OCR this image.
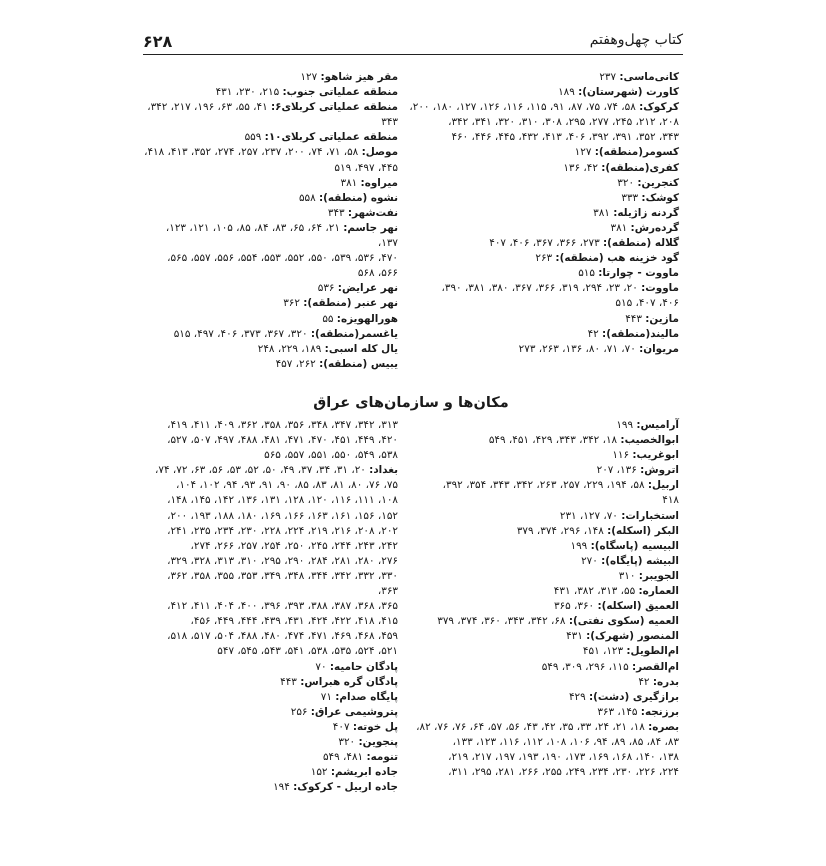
۶۲۸	کتاب چهل‌وهفتم
کانی‌ماسی: ۲۳۷
کاورت (شهرستان): ۱۸۹
کرکوک: ۵۸، ۷۴، ۷۵، ۸۷، ۹۱، ۱۱۵، ۱۱۶، ۱۲۶، ۱۲۷، ۱۸۰، ۲۰۰،
۲۰۸، ۲۱۲، ۲۴۵، ۲۷۷، ۲۹۵، ۳۰۸، ۳۱۰، ۳۲۰، ۳۴۱، ۳۴۲،
۳۴۳، ۳۵۲، ۳۹۱، ۳۹۲، ۴۰۶، ۴۱۳، ۴۳۲، ۴۴۵، ۴۴۶، ۴۶۰
کسومر(منطقه): ۱۲۷
کفری(منطقه): ۴۲، ۱۳۶
کنجرین: ۳۲۰
کوشک: ۳۳۳
گردنه زاژیله: ۳۸۱
گرده‌رش: ۳۸۱
گلاله (منطقه): ۲۷۳، ۳۶۶، ۳۶۷، ۴۰۶، ۴۰۷
گود خزینه هب (منطقه): ۲۶۳
ماووت - چوارتا: ۵۱۵
ماووت: ۲۰، ۲۳، ۲۹۴، ۳۱۹، ۳۶۶، ۳۶۷، ۳۸۰، ۳۸۱، ۳۹۰،
۴۰۶، ۴۰۷، ۵۱۵
مازین: ۴۴۳
مالیند(منطقه): ۴۲
مریوان: ۷۰، ۷۱، ۸۰، ۱۳۶، ۲۶۳، ۲۷۳
مقر هیز شاهو: ۱۲۷
منطقه عملیاتی جنوب: ۲۱۵، ۲۳۰، ۴۳۱
منطقه عملیاتی کربلای۶: ۴۱، ۵۵، ۶۳، ۱۹۶، ۲۱۷، ۳۴۲، ۳۴۳
منطقه عملیاتی کربلای۱۰: ۵۵۹
موصل: ۵۸، ۷۱، ۷۴، ۲۰۰، ۲۳۷، ۲۵۷، ۲۷۴، ۳۵۲، ۴۱۳، ۴۱۸،
۴۴۵، ۴۹۷، ۵۱۹
میراوه: ۳۸۱
نشوه (منطقه): ۵۵۸
نفت‌شهر: ۳۴۳
نهر جاسم: ۲۱، ۶۴، ۶۵، ۸۳، ۸۴، ۸۵، ۱۰۵، ۱۲۱، ۱۲۳، ۱۳۷،
۴۷۰، ۵۳۶، ۵۳۹، ۵۵۰، ۵۵۲، ۵۵۳، ۵۵۴، ۵۵۶، ۵۵۷، ۵۶۵،
۵۶۶، ۵۶۸
نهر عرایض: ۵۳۶
نهر عنبر (منطقه): ۳۶۲
هورالهویزه: ۵۵
یاغسمر(منطقه): ۳۲۰، ۳۶۷، ۳۷۳، ۴۰۶، ۴۹۷، ۵۱۵
یال کله اسبی: ۱۸۹، ۲۲۹، ۲۴۸
یبیس (منطقه): ۲۶۲، ۴۵۷
مکان‌ها و سازمان‌های عراق
آرامیس: ۱۹۹
ابوالخصیب: ۱۸، ۳۴۲، ۳۴۳، ۴۲۹، ۴۵۱، ۵۴۹
ابوغریب: ۱۱۶
اتروش: ۱۳۶، ۲۰۷
اربیل: ۵۸، ۱۹۴، ۲۲۹، ۲۵۷، ۲۶۳، ۳۴۲، ۳۴۳، ۳۵۴، ۳۹۲،
۴۱۸
استخبارات: ۷۰، ۱۲۷، ۲۳۱
البکر (اسکله): ۱۴۸، ۲۹۶، ۳۷۴، ۳۷۹
البیسیه (پاسگاه): ۱۹۹
البیشه (پایگاه): ۲۷۰
الجویبر: ۳۱۰
العماره: ۵۵، ۳۱۳، ۳۸۲، ۴۳۱
العمیق (اسکله): ۳۶۰، ۳۶۵
العمیه (سکوی نفتی): ۶۸، ۳۴۲، ۳۴۳، ۳۶۰، ۳۷۴، ۳۷۹
المنصور (شهرک): ۴۳۱
ام‌الطویل: ۱۲۳، ۴۵۱
ام‌القصر: ۱۱۵، ۲۹۶، ۳۰۹، ۵۴۹
بدره: ۴۲
برازگیری (دشت): ۴۲۹
برزنجه: ۱۴۵، ۳۶۳
بصره: ۱۸، ۲۱، ۲۴، ۳۳، ۳۵، ۴۲، ۴۳، ۵۶، ۵۷، ۶۴، ۷۶، ۷۶، ۸۲،
۸۳، ۸۴، ۸۵، ۸۹، ۹۴، ۱۰۶، ۱۰۸، ۱۱۲، ۱۱۶، ۱۲۳، ۱۳۳،
۱۳۸، ۱۴۰، ۱۶۸، ۱۶۹، ۱۷۳، ۱۹۰، ۱۹۳، ۱۹۷، ۲۱۷، ۲۱۹،
۲۲۴، ۲۲۶، ۲۳۰، ۲۳۴، ۲۴۹، ۲۵۵، ۲۶۶، ۲۸۱، ۲۹۵، ۳۱۱،
۳۱۳، ۳۴۲، ۳۴۷، ۳۴۸، ۳۵۶، ۳۵۸، ۳۶۲، ۴۰۹، ۴۱۱، ۴۱۹،
۴۲۰، ۴۴۹، ۴۵۱، ۴۷۰، ۴۷۱، ۴۸۱، ۴۸۸، ۴۹۷، ۵۰۷، ۵۲۷،
۵۳۸، ۵۴۹، ۵۵۰، ۵۵۱، ۵۵۷، ۵۶۵
بغداد: ۲۰، ۳۱، ۳۴، ۳۷، ۴۹، ۵۰، ۵۲، ۵۳، ۵۶، ۶۳، ۷۲، ۷۴،
۷۵، ۷۶، ۸۰، ۸۱، ۸۳، ۸۵، ۹۰، ۹۱، ۹۳، ۹۴، ۱۰۲، ۱۰۴،
۱۰۸، ۱۱۱، ۱۱۶، ۱۲۰، ۱۲۸، ۱۳۱، ۱۳۶، ۱۴۲، ۱۴۵، ۱۴۸،
۱۵۲، ۱۵۶، ۱۶۱، ۱۶۳، ۱۶۶، ۱۶۹، ۱۸۰، ۱۸۸، ۱۹۳، ۲۰۰،
۲۰۲، ۲۰۸، ۲۱۶، ۲۱۹، ۲۲۴، ۲۲۸، ۲۳۰، ۲۳۴، ۲۳۵، ۲۴۱،
۲۴۲، ۲۴۳، ۲۴۴، ۲۴۵، ۲۵۰، ۲۵۴، ۲۵۷، ۲۶۶، ۲۷۴،
۲۷۶، ۲۸۰، ۲۸۱، ۲۸۴، ۲۹۰، ۲۹۵، ۳۱۰، ۳۱۳، ۳۲۸، ۳۲۹،
۳۳۰، ۳۳۲، ۳۴۲، ۳۴۴، ۳۴۸، ۳۴۹، ۳۵۳، ۳۵۵، ۳۵۸، ۳۶۲، ۳۶۳،
۳۶۵، ۳۶۸، ۳۸۷، ۳۸۸، ۳۹۳، ۳۹۶، ۴۰۰، ۴۰۴، ۴۱۱، ۴۱۲،
۴۱۵، ۴۱۸، ۴۲۲، ۴۲۴، ۴۳۱، ۴۳۹، ۴۴۴، ۴۴۹، ۴۵۶،
۴۵۹، ۴۶۸، ۴۶۹، ۴۷۱، ۴۷۴، ۴۸۰، ۴۸۸، ۵۰۴، ۵۱۷، ۵۱۸،
۵۲۱، ۵۲۴، ۵۳۵، ۵۳۸، ۵۴۱، ۵۴۳، ۵۴۵، ۵۴۷
پادگان حامیه: ۷۰
پادگان گره هبراس: ۴۴۳
پایگاه صدام: ۷۱
پتروشیمی عراق: ۲۵۶
پل خوته: ۴۰۷
پنجوین: ۳۲۰
تنومه: ۴۸۱، ۵۴۹
جاده ابریشم: ۱۵۲
جاده اربیل - کرکوک: ۱۹۴
